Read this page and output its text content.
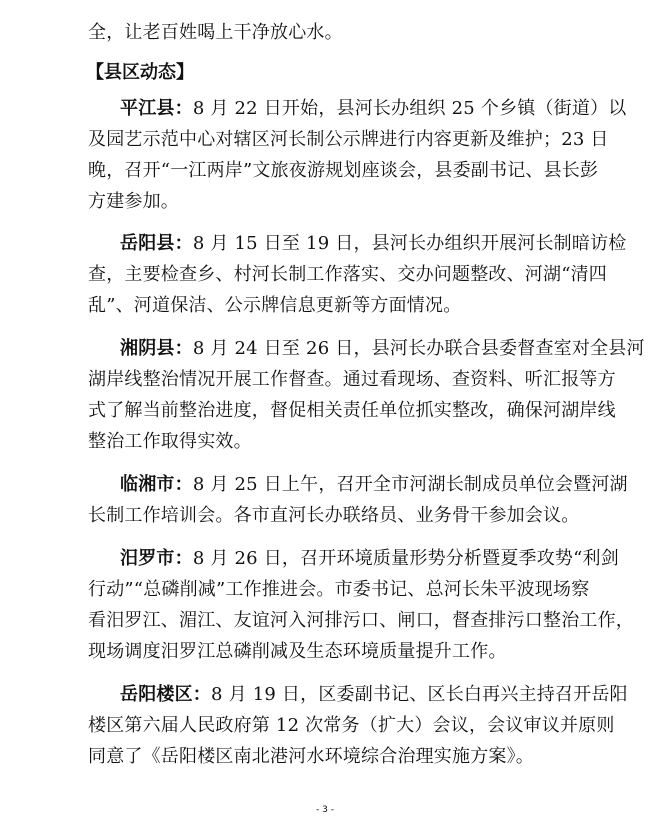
全，让老百姓喝上干净放心水。
【县区动态】
平江县：8 月 22 日开始，县河长办组织 25 个乡镇（街道）以
及园艺示范中心对辖区河长制公示牌进行内容更新及维护；23 日
晚，召开“一江两岸”文旅夜游规划座谈会，县委副书记、县长彭
方建参加。
岳阳县：8 月 15 日至 19 日，县河长办组织开展河长制暗访检
查，主要检查乡、村河长制工作落实、交办问题整改、河湖“清四
乱”、河道保洁、公示牌信息更新等方面情况。
湘阴县：8 月 24 日至 26 日，县河长办联合县委督查室对全县河
湖岸线整治情况开展工作督查。通过看现场、查资料、听汇报等方
式了解当前整治进度，督促相关责任单位抓实整改，确保河湖岸线
整治工作取得实效。
临湘市：8 月 25 日上午，召开全市河湖长制成员单位会暨河湖
长制工作培训会。各市直河长办联络员、业务骨干参加会议。
汨罗市：8 月 26 日，召开环境质量形势分析暨夏季攻势“利剑
行动”“总磷削减”工作推进会。市委书记、总河长朱平波现场察
看汨罗江、湄江、友谊河入河排污口、闸口，督查排污口整治工作，
现场调度汨罗江总磷削减及生态环境质量提升工作。
岳阳楼区：8 月 19 日，区委副书记、区长白再兴主持召开岳阳
楼区第六届人民政府第 12 次常务（扩大）会议，会议审议并原则
同意了《岳阳楼区南北港河水环境综合治理实施方案》。
- 3 -
